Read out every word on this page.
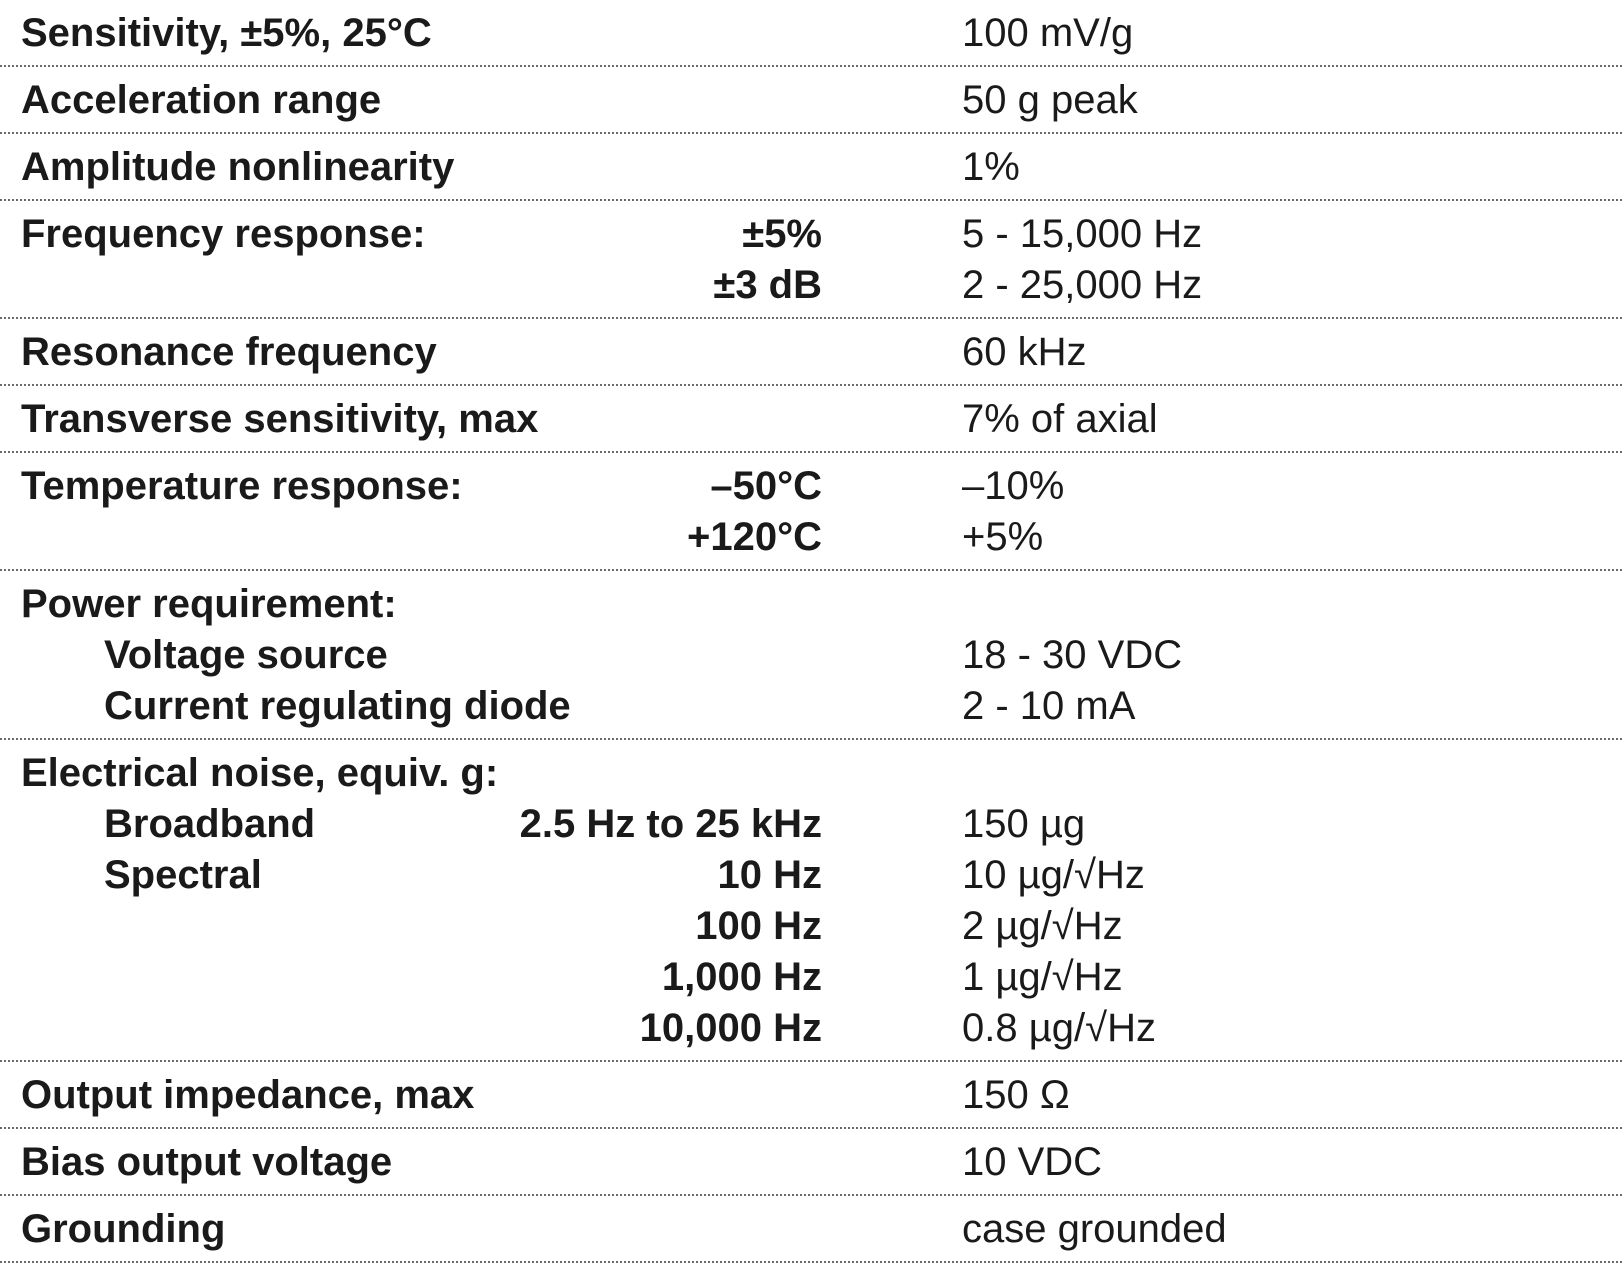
Sensitivity, ±5%, 25°C	100 mV/g
Acceleration range	50 g peak
Amplitude nonlinearity	1%
Frequency response:	±5%	5 - 15,000 Hz
±3 dB	2 - 25,000 Hz
Resonance frequency	60 kHz
Transverse sensitivity, max	7% of axial
Temperature response:	–50°C	–10%
+120°C	+5%
Power requirement:
Voltage source	18 - 30 VDC
Current regulating diode	2 - 10 mA
Electrical noise, equiv. g:
Broadband	2.5 Hz to 25 kHz	150 µg
Spectral	10 Hz	10 µg/√Hz
100 Hz	2 µg/√Hz
1,000 Hz	1 µg/√Hz
10,000 Hz	0.8 µg/√Hz
Output impedance, max	150 Ω
Bias output voltage	10 VDC
Grounding	case grounded
